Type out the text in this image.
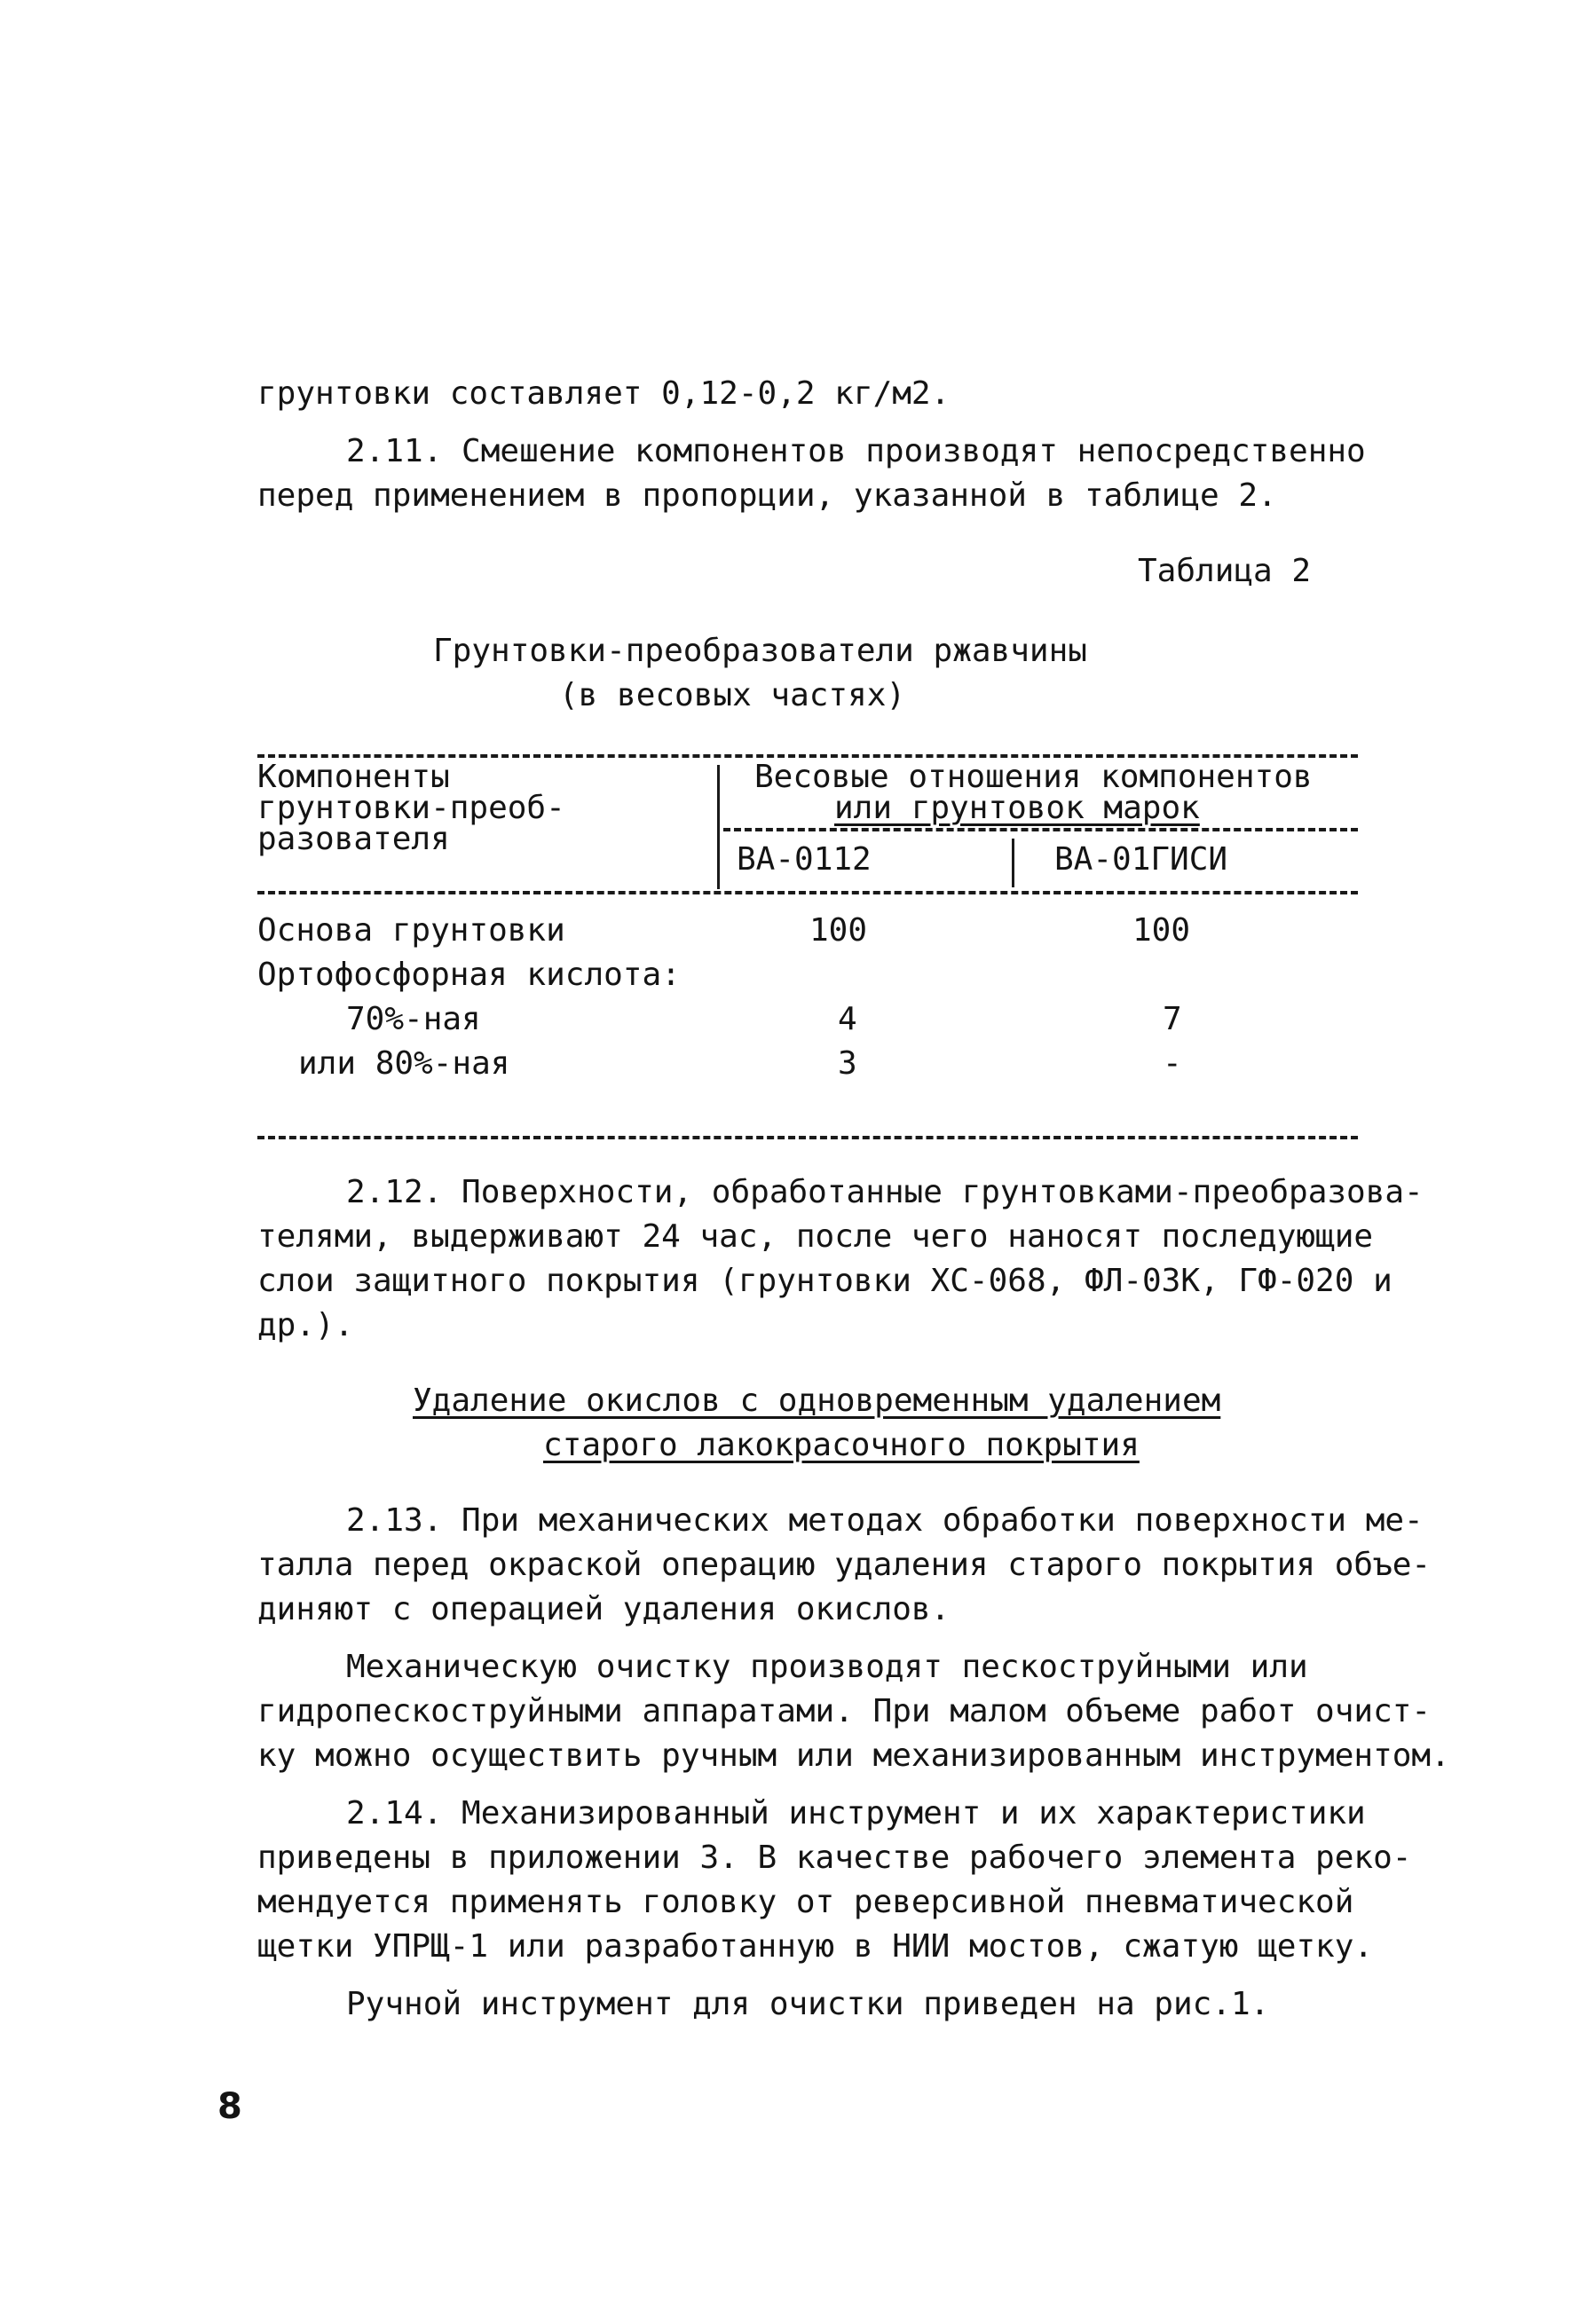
грунтовки составляет 0,12-0,2 кг/м2.

2.11. Смешение компонентов производят непосредственно

перед применением в пропорции, указанной в таблице 2.

Таблица 2

Грунтовки-преобразователи ржавчины

(в весовых частях)

Компоненты

грунтовки-преоб-

разователя

Весовые отношения компонентов

или грунтовок марок

ВА-0112	ВА-01ГИСИ

Основа грунтовки	100	100

Ортофосфорная кислота:

70%-ная	4	7

или 80%-ная	3	-

2.12. Поверхности, обработанные грунтовками-преобразова-

телями, выдерживают 24 час, после чего наносят последующие

слои защитного покрытия (грунтовки ХС-068, ФЛ-03К, ГФ-020 и

др.).

Удаление окислов с одновременным удалением

старого лакокрасочного покрытия

2.13. При механических методах обработки поверхности ме-

талла перед окраской операцию удаления старого покрытия объе-

диняют с операцией удаления окислов.

Механическую очистку производят пескоструйными или

гидропескоструйными аппаратами. При малом объеме работ очист-

ку можно осуществить ручным или механизированным инструментом.

2.14. Механизированный инструмент и их характеристики

приведены в приложении 3. В качестве рабочего элемента реко-

мендуется применять головку от реверсивной пневматической

щетки УПРЩ-1 или разработанную в НИИ мостов, сжатую щетку.

Ручной инструмент для очистки приведен на рис.1.

8
